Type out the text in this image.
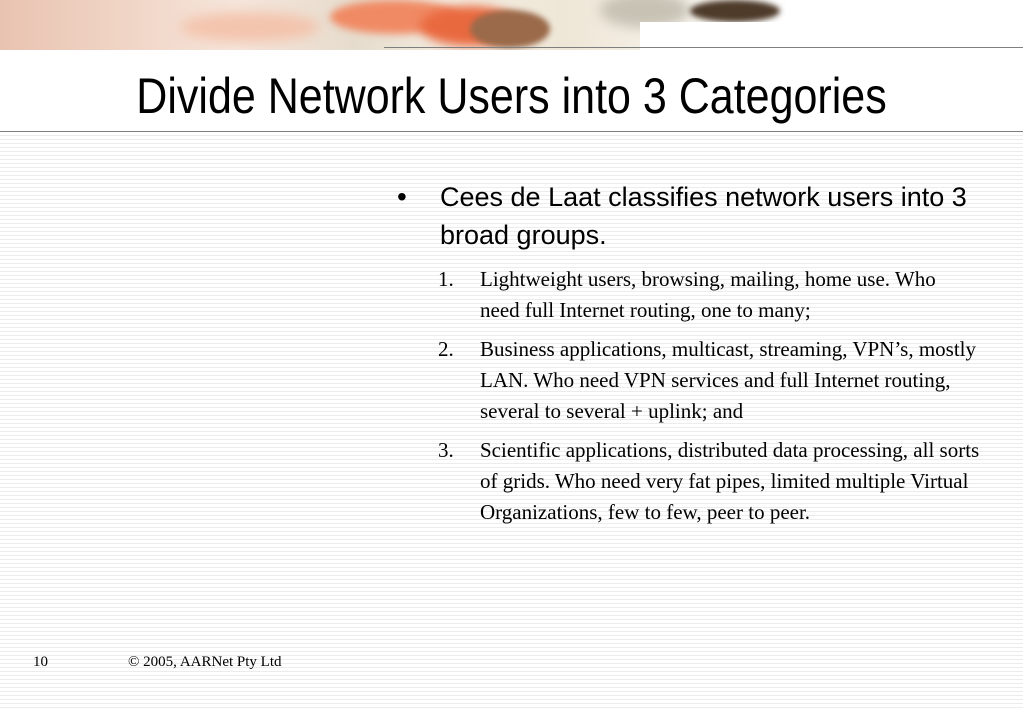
Divide Network Users into 3 Categories
•	Cees de Laat classifies network users into 3 broad groups.
1.	Lightweight users, browsing, mailing, home use. Who need full Internet routing, one to many;
2.	Business applications, multicast, streaming, VPN’s, mostly LAN. Who need VPN services and full Internet routing, several to several + uplink; and
3.	Scientific applications, distributed data processing, all sorts of grids. Who need very fat pipes, limited multiple Virtual Organizations, few to few, peer to peer.
10	© 2005, AARNet Pty Ltd
